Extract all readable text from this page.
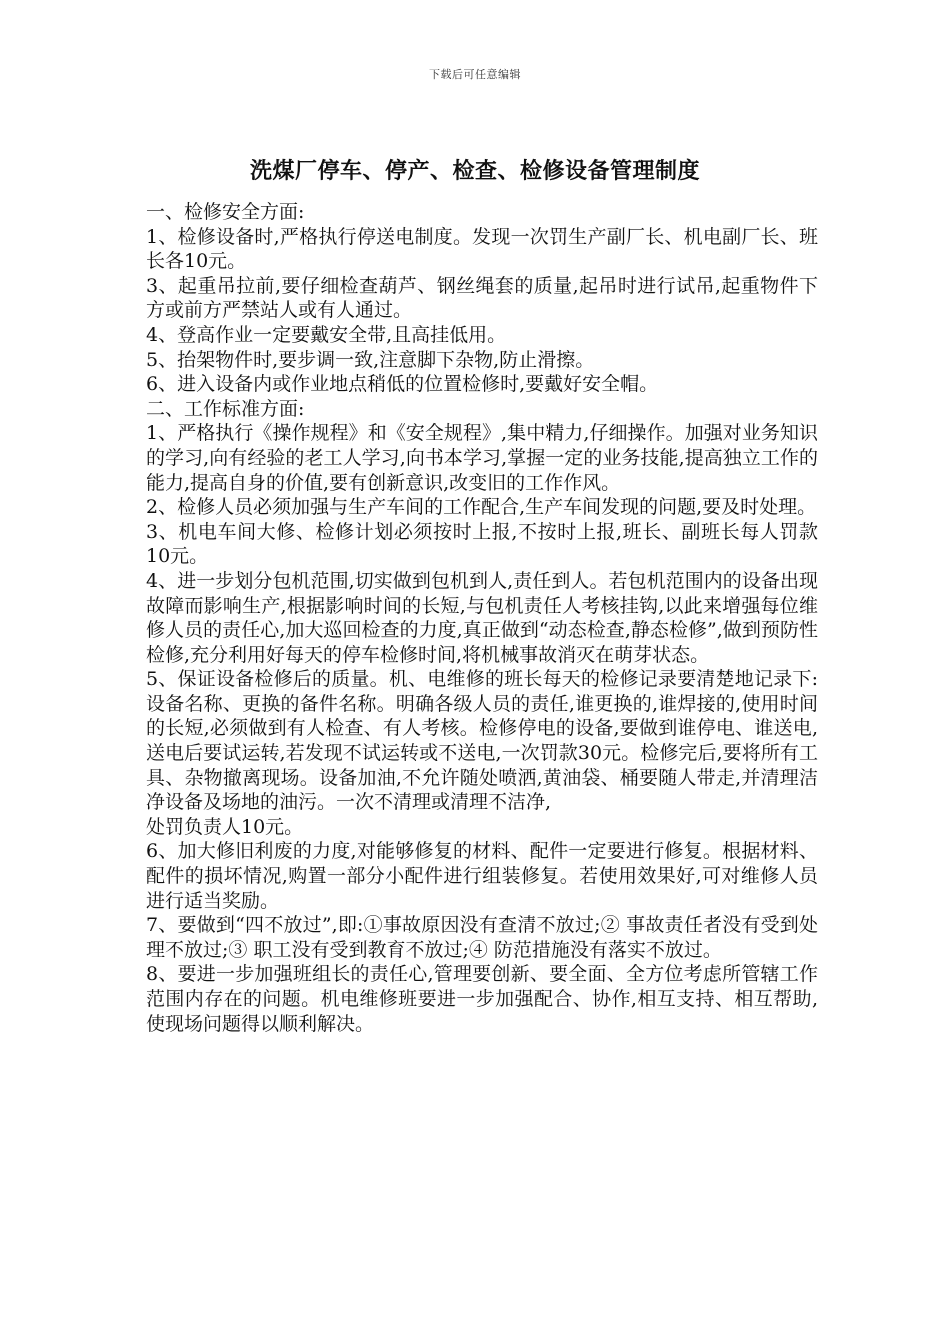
下载后可任意编辑
洗煤厂停车、停产、检查、检修设备管理制度

一、检修安全方面:

1、检修设备时,严格执行停送电制度。发现一次罚生产副厂长、机电副厂长、班长各10元。

3、起重吊拉前,要仔细检查葫芦、钢丝绳套的质量,起吊时进行试吊,起重物件下方或前方严禁站人或有人通过。

4、登高作业一定要戴安全带,且高挂低用。

5、抬架物件时,要步调一致,注意脚下杂物,防止滑擦。

6、进入设备内或作业地点稍低的位置检修时,要戴好安全帽。

二、工作标准方面:

1、严格执行《操作规程》和《安全规程》,集中精力,仔细操作。加强对业务知识的学习,向有经验的老工人学习,向书本学习,掌握一定的业务技能,提高独立工作的能力,提高自身的价值,要有创新意识,改变旧的工作作风。

2、检修人员必须加强与生产车间的工作配合,生产车间发现的问题,要及时处理。

3、机电车间大修、检修计划必须按时上报,不按时上报,班长、副班长每人罚款10元。

4、进一步划分包机范围,切实做到包机到人,责任到人。若包机范围内的设备出现故障而影响生产,根据影响时间的长短,与包机责任人考核挂钩,以此来增强每位维修人员的责任心,加大巡回检查的力度,真正做到“动态检查,静态检修”,做到预防性检修,充分利用好每天的停车检修时间,将机械事故消灭在萌芽状态。

5、保证设备检修后的质量。机、电维修的班长每天的检修记录要清楚地记录下:设备名称、更换的备件名称。明确各级人员的责任,谁更换的,谁焊接的,使用时间的长短,必须做到有人检查、有人考核。检修停电的设备,要做到谁停电、谁送电,送电后要试运转,若发现不试运转或不送电,一次罚款30元。检修完后,要将所有工具、杂物撤离现场。设备加油,不允许随处喷洒,黄油袋、桶要随人带走,并清理洁净设备及场地的油污。一次不清理或清理不洁净,

处罚负责人10元。

6、加大修旧利废的力度,对能够修复的材料、配件一定要进行修复。根据材料、配件的损坏情况,购置一部分小配件进行组装修复。若使用效果好,可对维修人员进行适当奖励。

7、要做到“四不放过”,即:①事故原因没有查清不放过;② 事故责任者没有受到处理不放过;③ 职工没有受到教育不放过;④ 防范措施没有落实不放过。

8、要进一步加强班组长的责任心,管理要创新、要全面、全方位考虑所管辖工作范围内存在的问题。机电维修班要进一步加强配合、协作,相互支持、相互帮助,使现场问题得以顺利解决。
